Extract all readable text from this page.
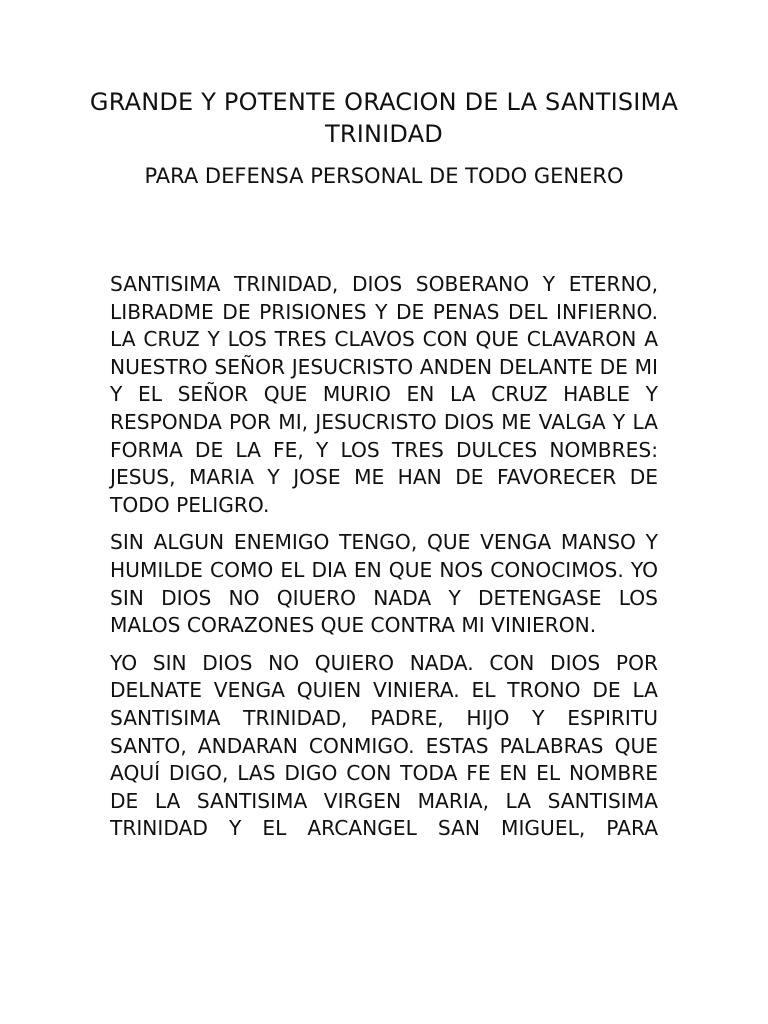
GRANDE Y POTENTE ORACION DE LA SANTISIMA TRINIDAD
PARA DEFENSA PERSONAL DE TODO GENERO

SANTISIMA TRINIDAD, DIOS SOBERANO Y ETERNO, LIBRADME DE PRISIONES Y DE PENAS DEL INFIERNO. LA CRUZ Y LOS TRES CLAVOS CON QUE CLAVARON A NUESTRO SEÑOR JESUCRISTO ANDEN DELANTE DE MI Y EL SEÑOR QUE MURIO EN LA CRUZ HABLE Y RESPONDA POR MI, JESUCRISTO DIOS ME VALGA Y LA FORMA DE LA FE, Y LOS TRES DULCES NOMBRES: JESUS, MARIA Y JOSE ME HAN DE FAVORECER DE TODO PELIGRO.

SIN ALGUN ENEMIGO TENGO, QUE VENGA MANSO Y HUMILDE COMO EL DIA EN QUE NOS CONOCIMOS. YO SIN DIOS NO QIUERO NADA Y DETENGASE LOS MALOS CORAZONES QUE CONTRA MI VINIERON.

YO SIN DIOS NO QUIERO NADA. CON DIOS POR DELNATE VENGA QUIEN VINIERA. EL TRONO DE LA SANTISIMA TRINIDAD, PADRE, HIJO Y ESPIRITU SANTO, ANDARAN CONMIGO. ESTAS PALABRAS QUE AQUÍ DIGO, LAS DIGO CON TODA FE EN EL NOMBRE DE LA SANTISIMA VIRGEN MARIA, LA SANTISIMA TRINIDAD Y EL ARCANGEL SAN MIGUEL, PARA
